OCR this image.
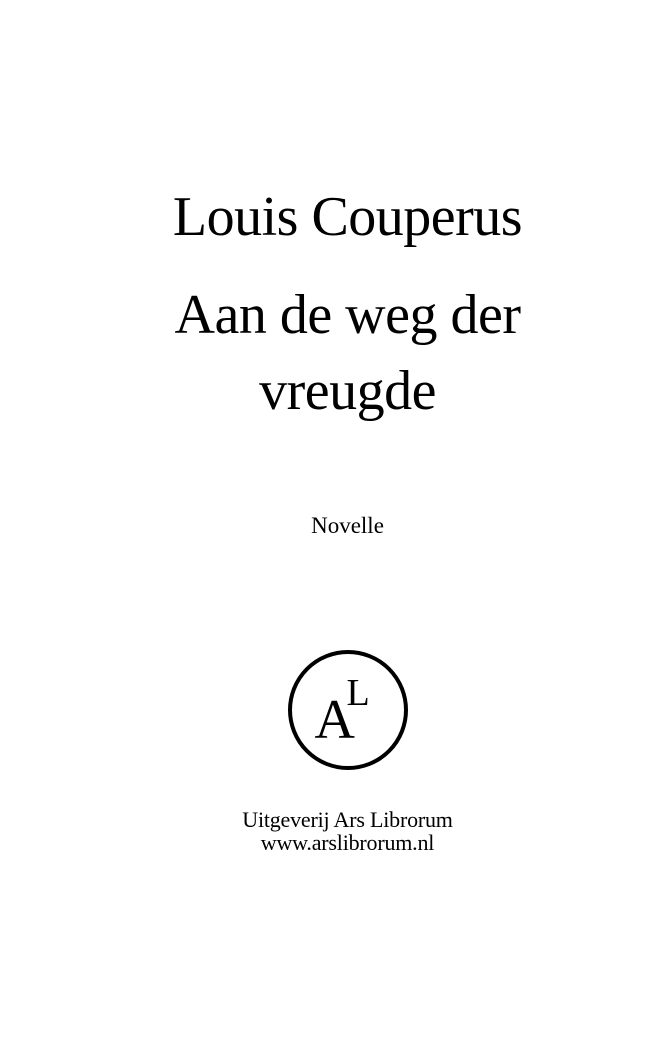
Louis Couperus
Aan de weg der
vreugde
Novelle
A
L
Uitgeverij Ars Librorum
www.arslibrorum.nl
